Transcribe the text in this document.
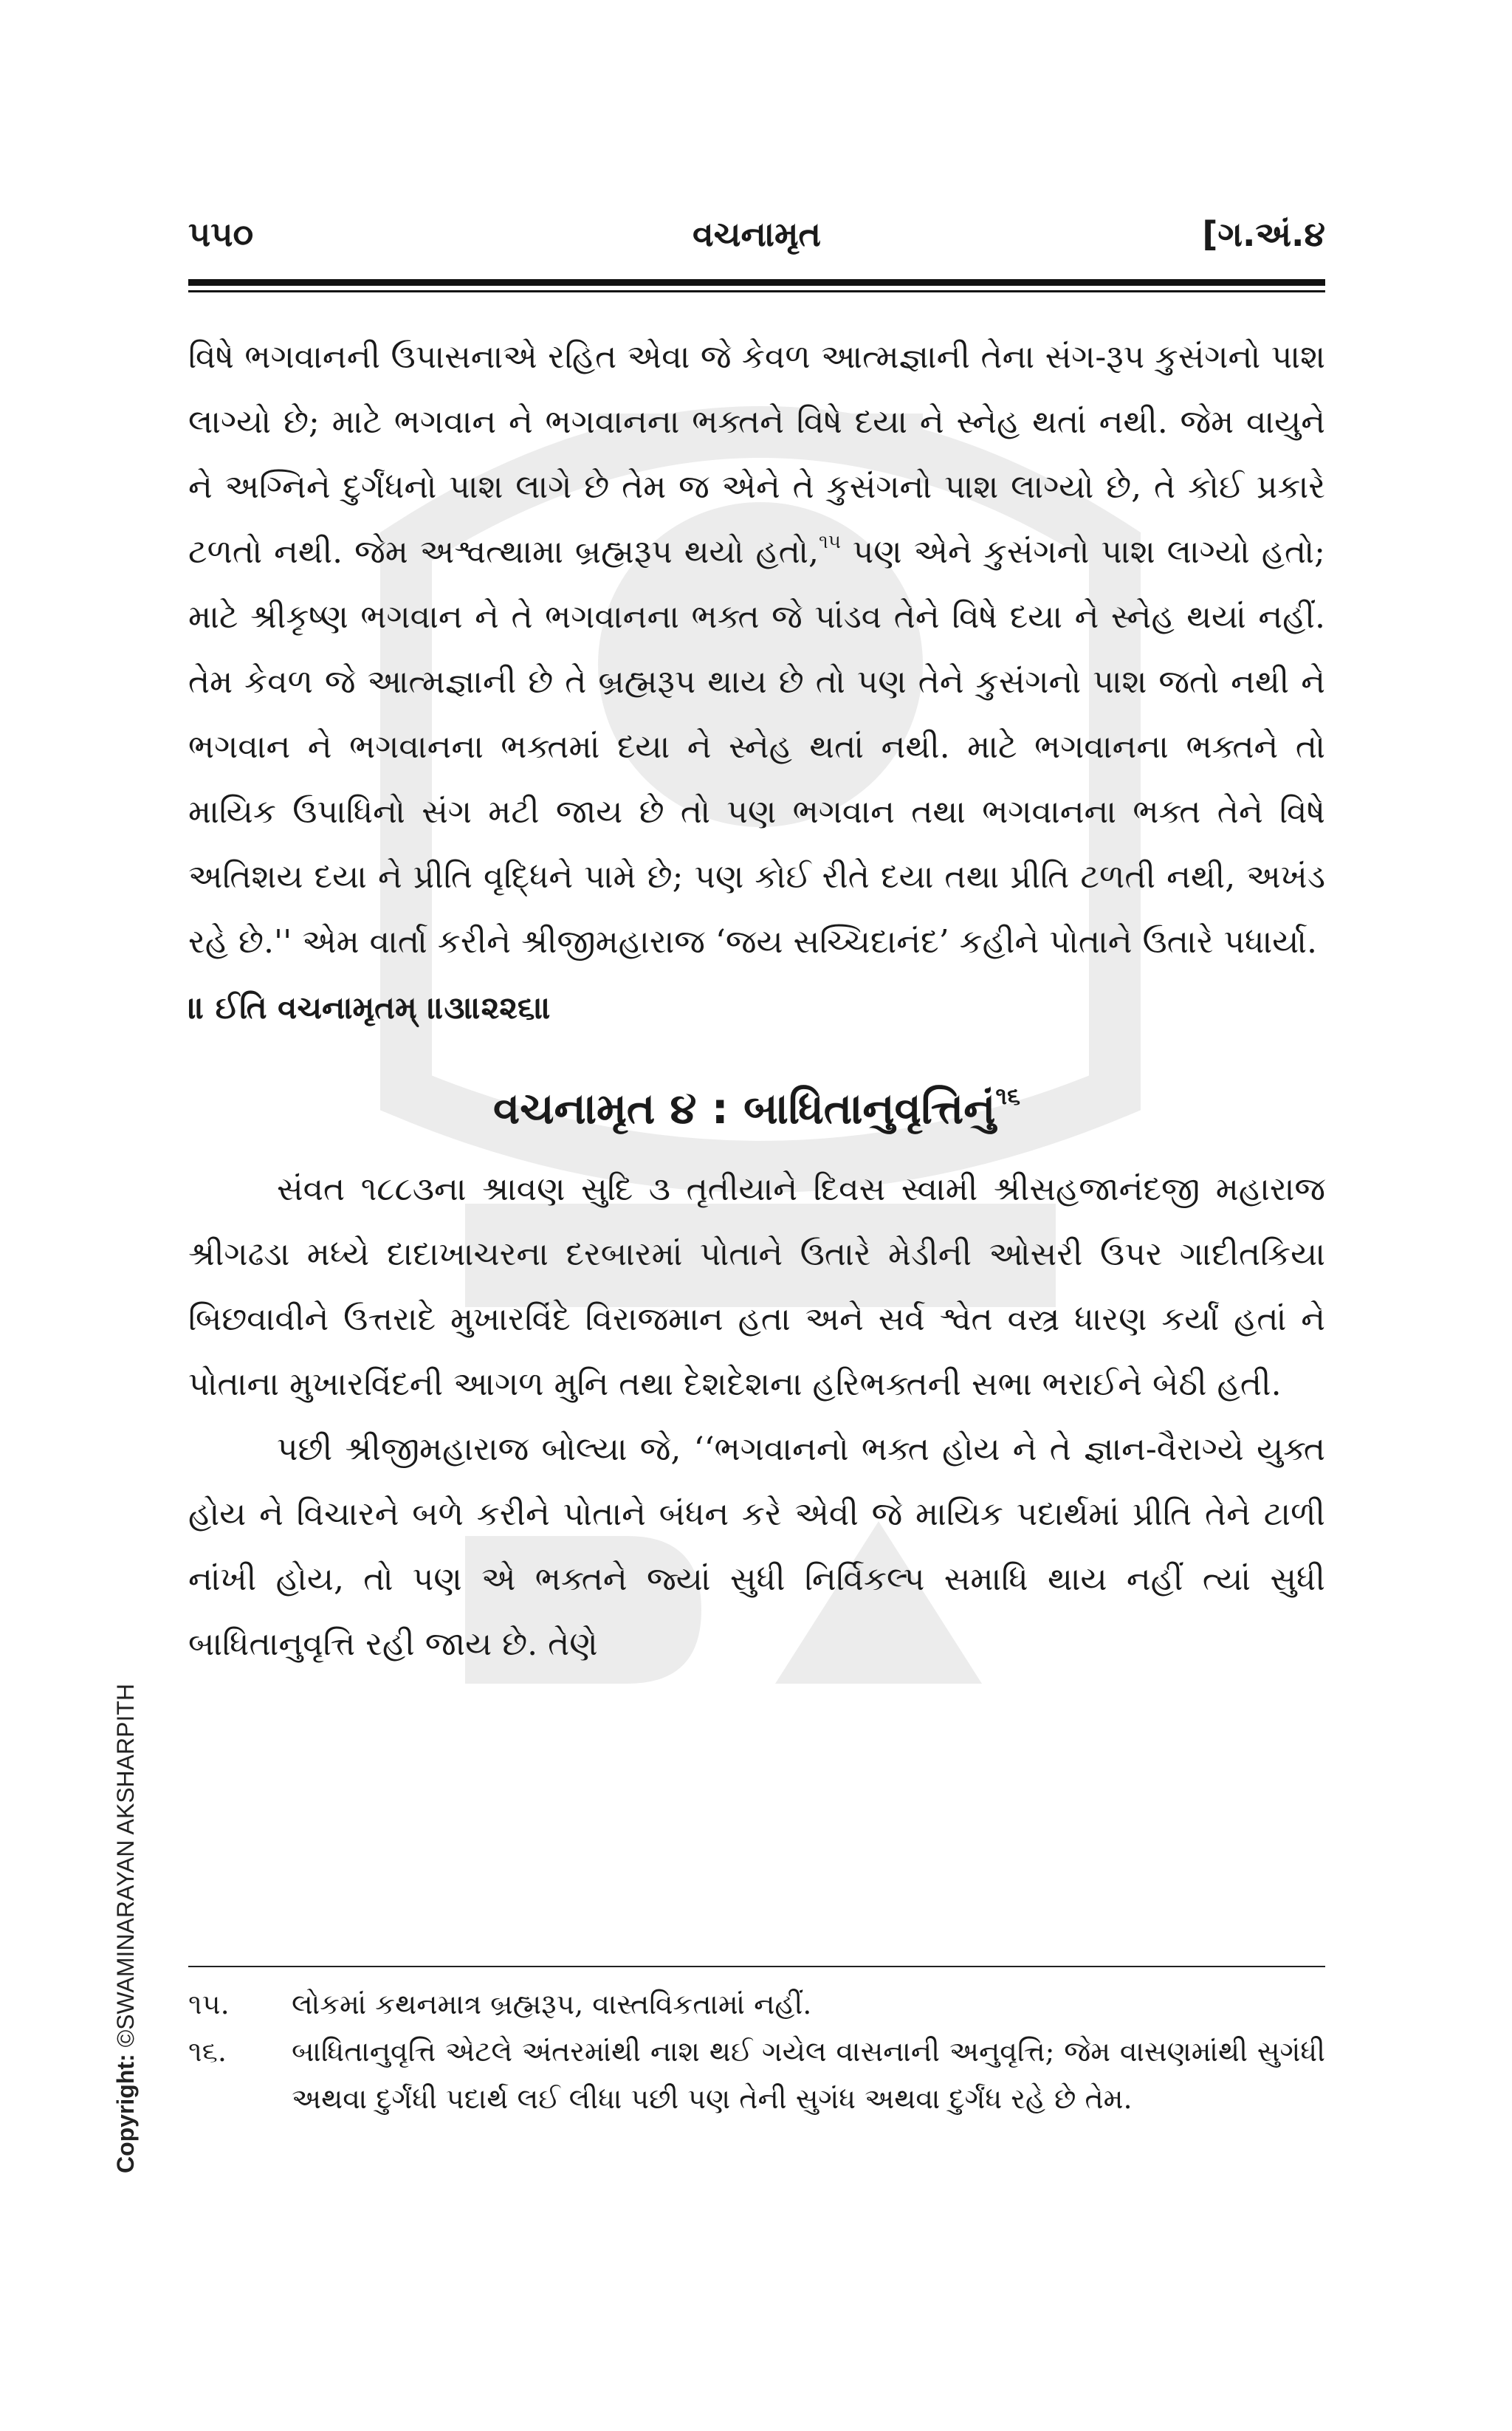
૫૫૦	વચનામૃત	[ગ.અં.૪

વિષે ભગવાનની ઉપાસનાએ રહિત એવા જે કેવળ આત્મજ્ઞાની તેના સંગ-રૂપ કુસંગનો પાશ લાગ્યો છે; માટે ભગવાન ને ભગવાનના ભક્તને વિષે દયા ને સ્નેહ થતાં નથી. જેમ વાયુને ને અગ્નિને દુર્ગંધનો પાશ લાગે છે તેમ જ એને તે કુસંગનો પાશ લાગ્યો છે, તે કોઈ પ્રકારે ટળતો નથી. જેમ અશ્વત્થામા બ્રહ્મરૂપ થયો હતો,$^{૧૫}$ પણ એને કુસંગનો પાશ લાગ્યો હતો; માટે શ્રીકૃષ્ણ ભગવાન ને તે ભગવાનના ભક્ત જે પાંડવ તેને વિષે દયા ને સ્નેહ થયાં નહીં. તેમ કેવળ જે આત્મજ્ઞાની છે તે બ્રહ્મરૂપ થાય છે તો પણ તેને કુસંગનો પાશ જતો નથી ને ભગવાન ને ભગવાનના ભક્તમાં દયા ને સ્નેહ થતાં નથી. માટે ભગવાનના ભક્તને તો માયિક ઉપાધિનો સંગ મટી જાય છે તો પણ ભગવાન તથા ભગવાનના ભક્ત તેને વિષે અતિશય દયા ને પ્રીતિ વૃદ્ધિને પામે છે; પણ કોઈ રીતે દયા તથા પ્રીતિ ટળતી નથી, અખંડ રહે છે.'' એમ વાર્તા કરીને શ્રીજીમહારાજ ‘જય સચ્ચિદાનંદ’ કહીને પોતાને ઉતારે પધાર્યા.

॥ ઈતિ વચનામૃતમ્ ॥૩॥૨૨૬॥

વચનામૃત ૪ : બાધિતાનુવૃત્તિનું$^{૧૬}$

સંવત ૧૮૮૩ના શ્રાવણ સુદિ ૩ તૃતીયાને દિવસ સ્વામી શ્રીસહજાનંદજી મહારાજ શ્રીગઢડા મધ્યે દાદાખાચરના દરબારમાં પોતાને ઉતારે મેડીની ઓસરી ઉપર ગાદીતકિયા બિછવાવીને ઉત્તરાદે મુખારવિંદે વિરાજમાન હતા અને સર્વ શ્વેત વસ્ત્ર ધારણ કર્યાં હતાં ને પોતાના મુખારવિંદની આગળ મુનિ તથા દેશદેશના હરિભક્તની સભા ભરાઈને બેઠી હતી.

પછી શ્રીજીમહારાજ બોલ્યા જે, ‘‘ભગવાનનો ભક્ત હોય ને તે જ્ઞાન-વૈરાગ્યે યુક્ત હોય ને વિચારને બળે કરીને પોતાને બંધન કરે એવી જે માયિક પદાર્થમાં પ્રીતિ તેને ટાળી નાંખી હોય, તો પણ એ ભક્તને જ્યાં સુધી નિર્વિકલ્પ સમાધિ થાય નહીં ત્યાં સુધી બાધિતાનુવૃત્તિ રહી જાય છે. તેણે

૧૫. લોકમાં કથનમાત્ર બ્રહ્મરૂપ, વાસ્તવિકતામાં નહીં.

૧૬. બાધિતાનુવૃત્તિ એટલે અંતરમાંથી નાશ થઈ ગયેલ વાસનાની અનુવૃત્તિ; જેમ વાસણમાંથી સુગંધી અથવા દુર્ગંધી પદાર્થ લઈ લીધા પછી પણ તેની સુગંધ અથવા દુર્ગંધ રહે છે તેમ.

Copyright: ©SWAMINARAYAN AKSHARPITH
